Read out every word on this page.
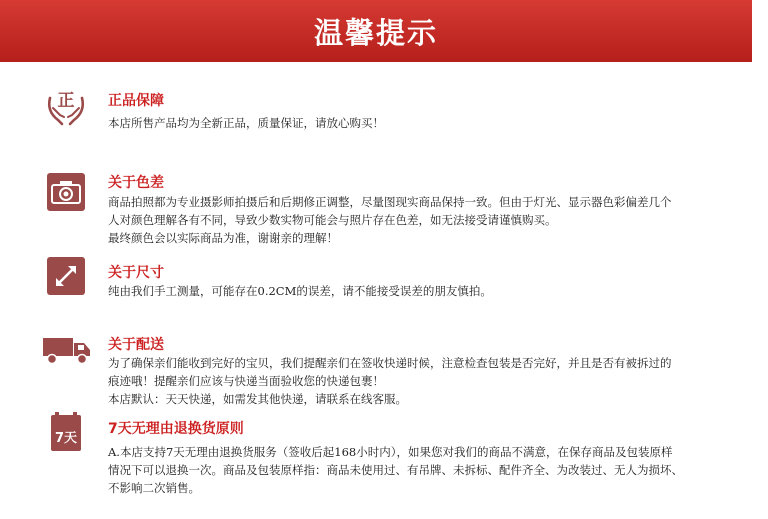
温馨提示
正 正品保障

本店所售产品均为全新正品，质量保证，请放心购买！

关于色差

商品拍照都为专业摄影师拍摄后和后期修正调整，尽量图现实商品保持一致。但由于灯光、显示器色彩偏差几个

人对颜色理解各有不同，导致少数实物可能会与照片存在色差，如无法接受请谨慎购买。

最终颜色会以实际商品为准，谢谢亲的理解！

关于尺寸

纯由我们手工测量，可能存在0.2CM的误差，请不能接受误差的朋友慎拍。

关于配送

为了确保亲们能收到完好的宝贝，我们提醒亲们在签收快递时候，注意检查包装是否完好，并且是否有被拆过的

痕迹哦！提醒亲们应该与快递当面验收您的快递包裹！

本店默认：天天快递，如需发其他快递，请联系在线客服。

7天
7天无理由退换货原则

A.本店支持7天无理由退换货服务（签收后起168小时内），如果您对我们的商品不满意，在保存商品及包装原样

情况下可以退换一次。商品及包装原样指：商品未使用过、有吊牌、未拆标、配件齐全、为改装过、无人为损坏、

不影响二次销售。
